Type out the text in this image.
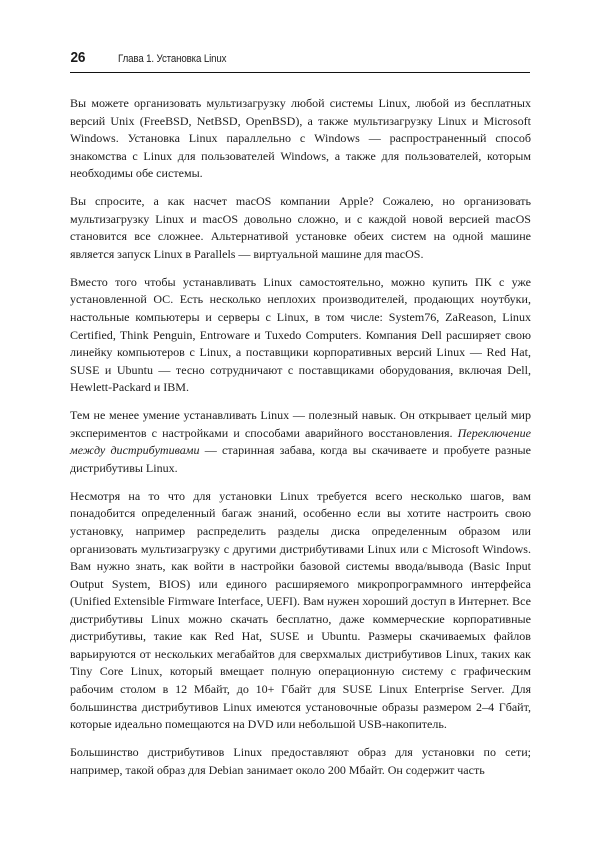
26	Глава 1. Установка Linux

Вы можете организовать мультизагрузку любой системы Linux, любой из бесплатных версий Unix (FreeBSD, NetBSD, OpenBSD), а также мультизагрузку Linux и Microsoft Windows. Установка Linux параллельно с Windows — распространенный способ знакомства с Linux для пользователей Windows, а также для пользователей, которым необходимы обе системы.

Вы спросите, а как насчет macOS компании Apple? Сожалею, но организовать мультизагрузку Linux и macOS довольно сложно, и с каждой новой версией macOS становится все сложнее. Альтернативой установке обеих систем на одной машине является запуск Linux в Parallels — виртуальной машине для macOS.

Вместо того чтобы устанавливать Linux самостоятельно, можно купить ПК с уже установленной ОС. Есть несколько неплохих производителей, продающих ноутбуки, настольные компьютеры и серверы с Linux, в том числе: System76, ZaReason, Linux Certified, Think Penguin, Entroware и Tuxedo Computers. Компания Dell расширяет свою линейку компьютеров с Linux, а поставщики корпоративных версий Linux — Red Hat, SUSE и Ubuntu — тесно сотрудничают с поставщиками оборудования, включая Dell, Hewlett-Packard и IBM.

Тем не менее умение устанавливать Linux — полезный навык. Он открывает целый мир экспериментов с настройками и способами аварийного восстановления. Переключение между дистрибутивами — старинная забава, когда вы скачиваете и пробуете разные дистрибутивы Linux.

Несмотря на то что для установки Linux требуется всего несколько шагов, вам понадобится определенный багаж знаний, особенно если вы хотите настроить свою установку, например распределить разделы диска определенным образом или организовать мультизагрузку с другими дистрибутивами Linux или с Microsoft Windows. Вам нужно знать, как войти в настройки базовой системы ввода/вывода (Basic Input Output System, BIOS) или единого расширяемого микропрограммного интерфейса (Unified Extensible Firmware Interface, UEFI). Вам нужен хороший доступ в Интернет. Все дистрибутивы Linux можно скачать бесплатно, даже коммерческие корпоративные дистрибутивы, такие как Red Hat, SUSE и Ubuntu. Размеры скачиваемых файлов варьируются от нескольких мегабайтов для сверхмалых дистрибутивов Linux, таких как Tiny Core Linux, который вмещает полную операционную систему с графическим рабочим столом в 12 Мбайт, до 10+ Гбайт для SUSE Linux Enterprise Server. Для большинства дистрибутивов Linux имеются установочные образы размером 2–4 Гбайт, которые идеально помещаются на DVD или небольшой USB-накопитель.

Большинство дистрибутивов Linux предоставляют образ для установки по сети; например, такой образ для Debian занимает около 200 Мбайт. Он содержит часть
